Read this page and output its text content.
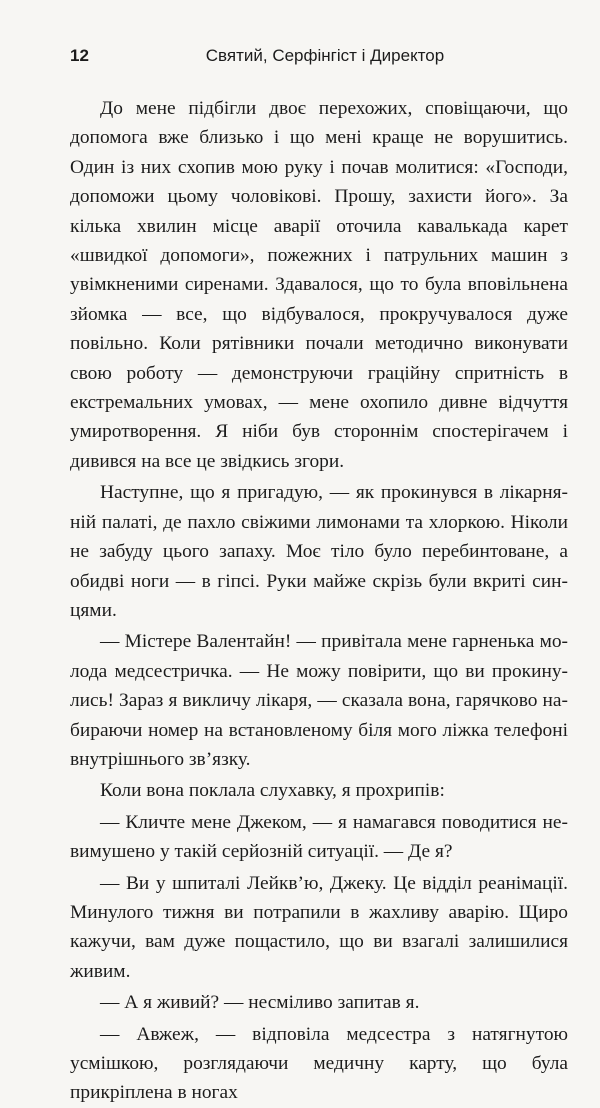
12	Святий, Серфінгіст і Директор

До мене підбігли двоє перехожих, сповіщаючи, що допомога вже близько і що мені краще не ворушитись. Один із них схопив мою руку і почав молитися: «Господи, допоможи цьому чоловікові. Прошу, захисти його». За кілька хвилин місце аварії оточила кавалькада карет «швидкої допомоги», пожежних і патрульних машин з увімкненими сиренами. Здавалося, що то була вповільнена зйомка — все, що відбувалося, прокручувалося дуже повільно. Коли рятівники почали методично виконувати свою роботу — демонструючи граційну спритність в екстремальних умовах, — мене охопило дивне відчуття умиротворення. Я ніби був стороннім спостерігачем і дивився на все це звідкись згори.

Наступне, що я пригадую, — як прокинувся в лікарняній палаті, де пахло свіжими лимонами та хлоркою. Ніколи не забуду цього запаху. Моє тіло було перебинтоване, а обидві ноги — в гіпсі. Руки майже скрізь були вкриті синцями.

— Містере Валентайн! — привітала мене гарненька молода медсестричка. — Не можу повірити, що ви прокинулись! Зараз я викличу лікаря, — сказала вона, гарячково набираючи номер на встановленому біля мого ліжка телефоні внутрішнього зв’язку.

Коли вона поклала слухавку, я прохрипів:

— Кличте мене Джеком, — я намагався поводитися невимушено у такій серйозній ситуації. — Де я?

— Ви у шпиталі Лейкв’ю, Джеку. Це відділ реанімації. Минулого тижня ви потрапили в жахливу аварію. Щиро кажучи, вам дуже пощастило, що ви взагалі залишилися живим.

— А я живий? — несміливо запитав я.

— Авжеж, — відповіла медсестра з натягнутою усмішкою, розглядаючи медичну карту, що була прикріплена в ногах
